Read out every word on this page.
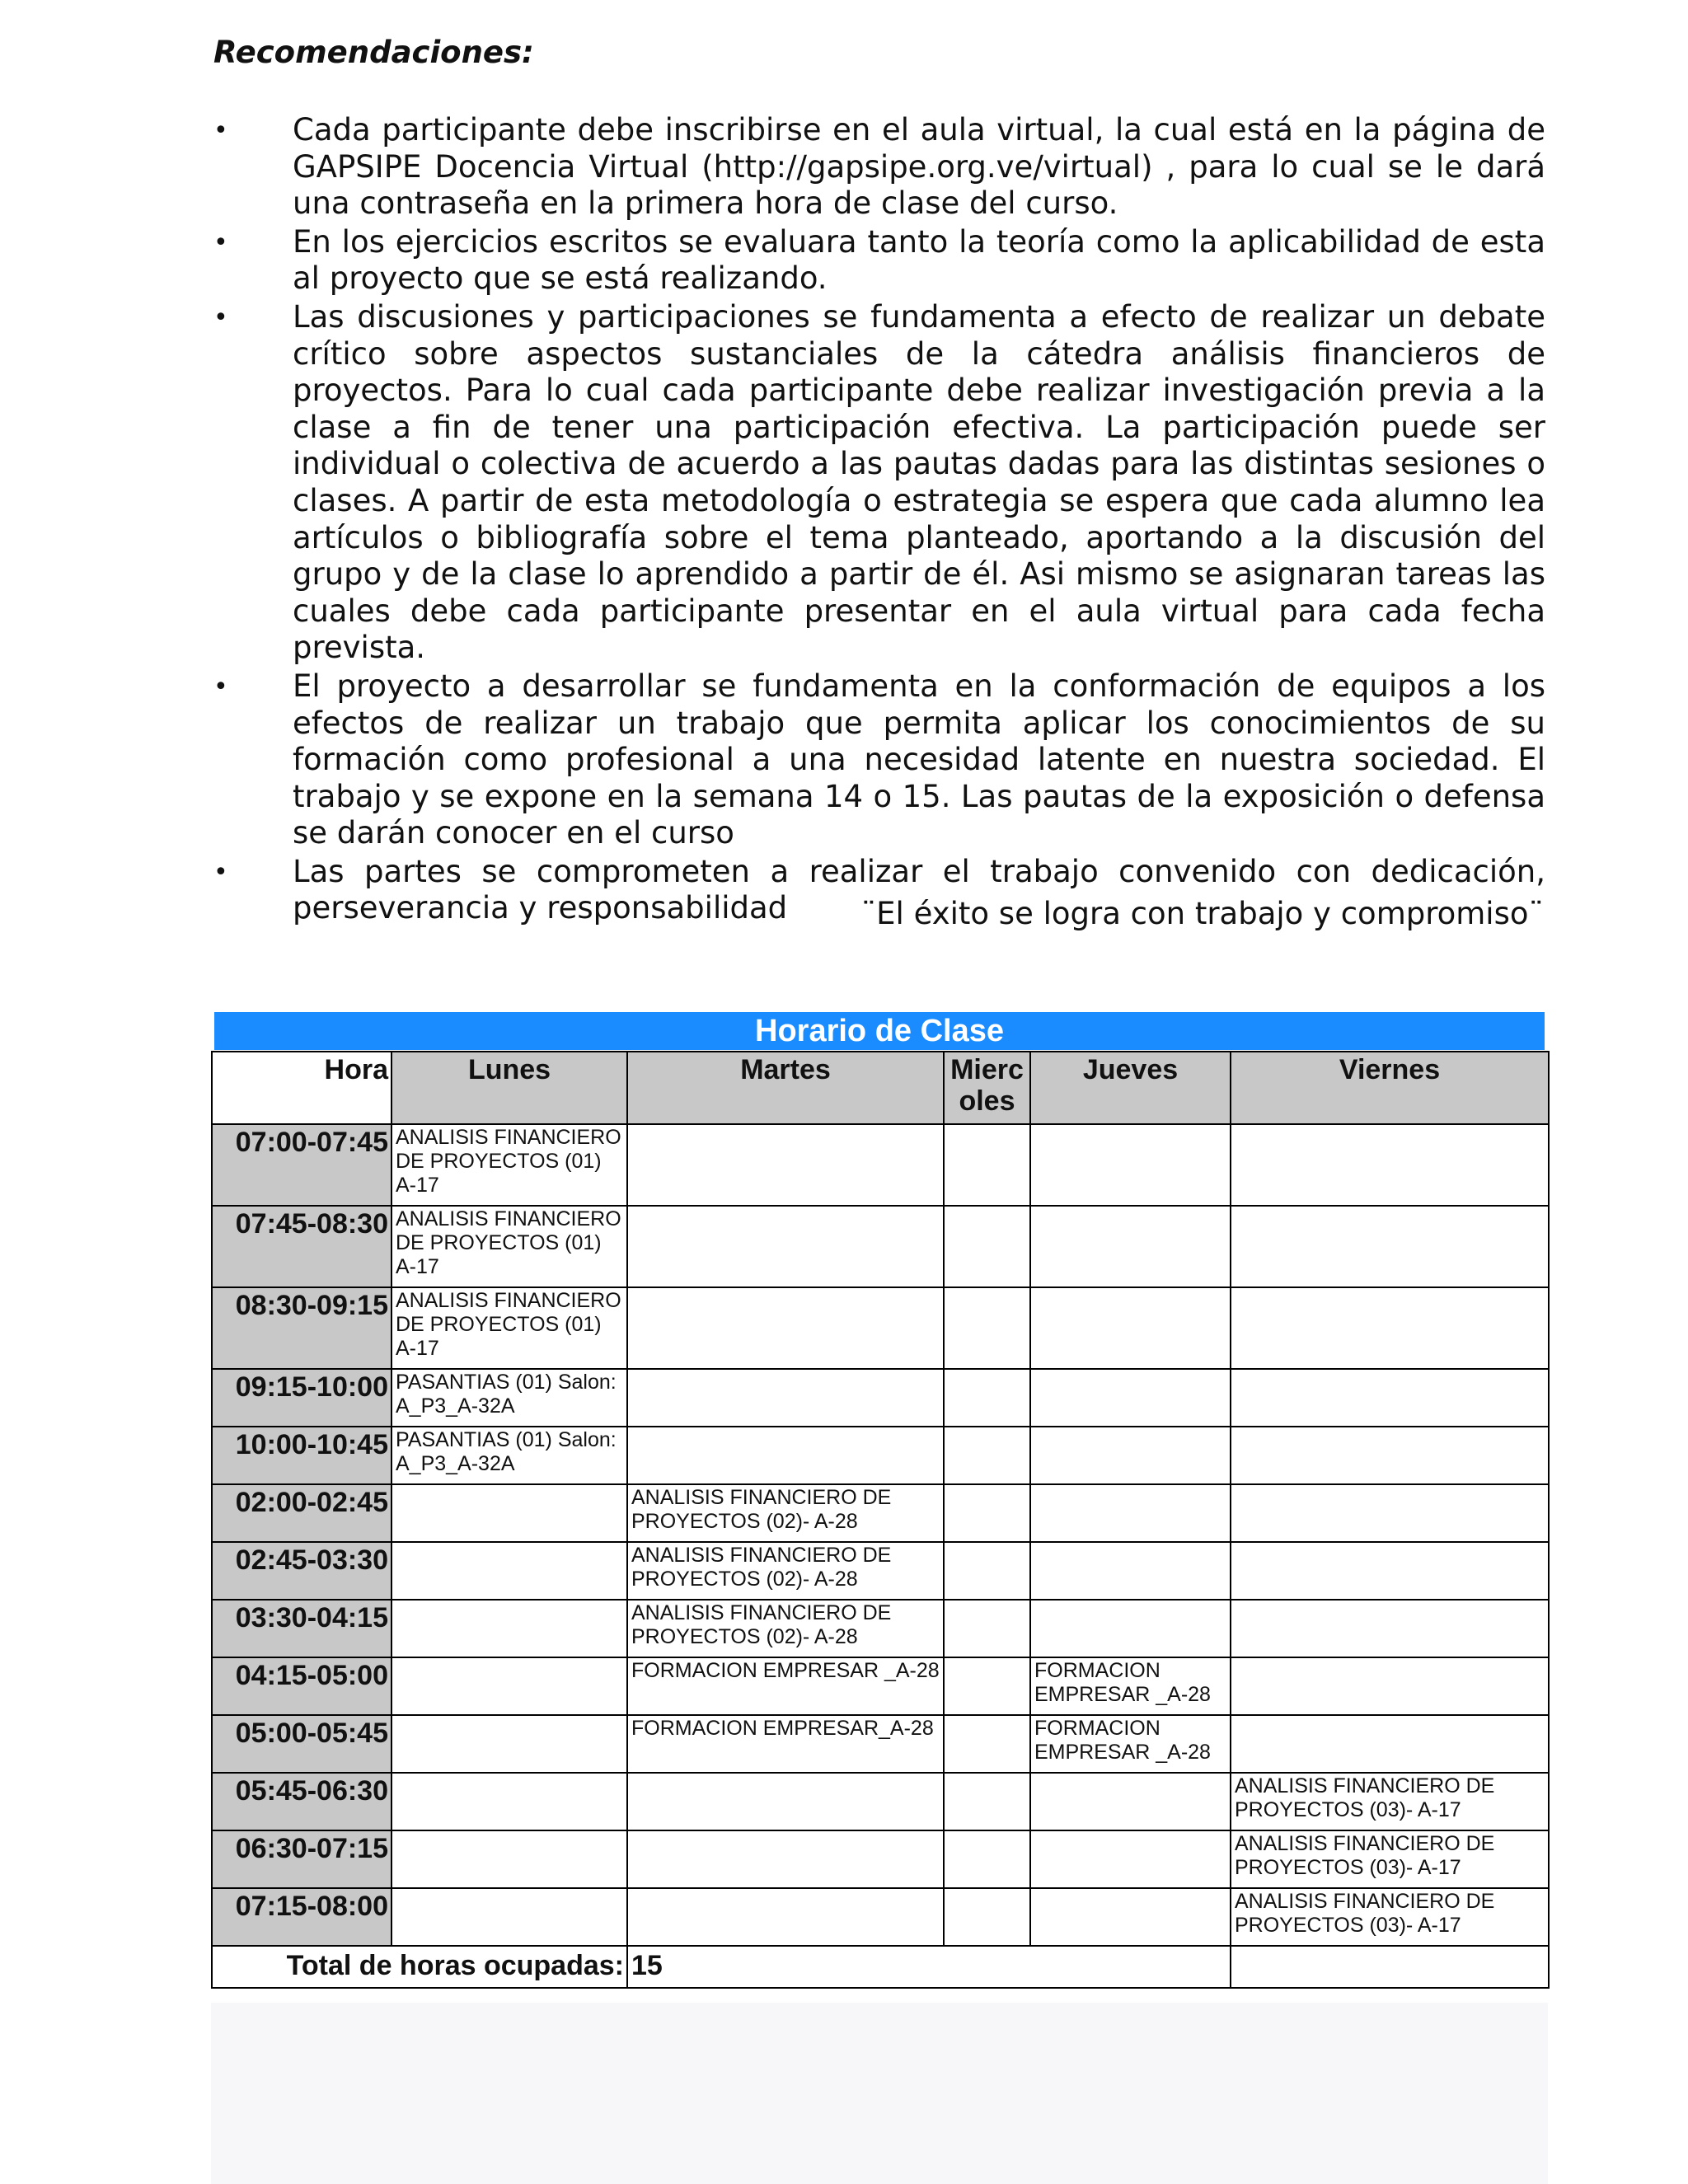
Recomendaciones:
• Cada participante debe inscribirse en el aula virtual, la cual está en la página de GAPSIPE Docencia Virtual (http://gapsipe.org.ve/virtual) , para lo cual se le dará una contraseña en la primera hora de clase del curso.
• En los ejercicios escritos se evaluara tanto la teoría como la aplicabilidad de esta al proyecto que se está realizando.
• Las discusiones y participaciones se fundamenta a efecto de realizar un debate crítico sobre aspectos sustanciales de la cátedra análisis financieros de proyectos. Para lo cual cada participante debe realizar investigación previa a la clase a fin de tener una participación efectiva. La participación puede ser individual o colectiva de acuerdo a las pautas dadas para las distintas sesiones o clases. A partir de esta metodología o estrategia se espera que cada alumno lea artículos o bibliografía sobre el tema planteado, aportando a la discusión del grupo y de la clase lo aprendido a partir de él. Asi mismo se asignaran tareas las cuales debe cada participante presentar en el aula virtual para cada fecha prevista.
• El proyecto a desarrollar se fundamenta en la conformación de equipos a los efectos de realizar un trabajo que permita aplicar los conocimientos de su formación como profesional a una necesidad latente en nuestra sociedad. El trabajo y se expone en la semana 14 o 15. Las pautas de la exposición o defensa se darán conocer en el curso
• Las partes se comprometen a realizar el trabajo convenido con dedicación, perseverancia y responsabilidad	¨El éxito se logra con trabajo y compromiso¨
Horario de Clase
Hora	Lunes	Martes	Mierc oles	Jueves	Viernes
07:00-07:45	ANALISIS FINANCIERO DE PROYECTOS (01) A-17				
07:45-08:30	ANALISIS FINANCIERO DE PROYECTOS (01) A-17				
08:30-09:15	ANALISIS FINANCIERO DE PROYECTOS (01) A-17				
09:15-10:00	PASANTIAS (01) Salon: A_P3_A-32A				
10:00-10:45	PASANTIAS (01) Salon: A_P3_A-32A				
02:00-02:45		ANALISIS FINANCIERO DE PROYECTOS (02)- A-28			
02:45-03:30		ANALISIS FINANCIERO DE PROYECTOS (02)- A-28			
03:30-04:15		ANALISIS FINANCIERO DE PROYECTOS (02)- A-28			
04:15-05:00		FORMACION EMPRESAR _A-28		FORMACION EMPRESAR _A-28	
05:00-05:45		FORMACION EMPRESAR_A-28		FORMACION EMPRESAR _A-28	
05:45-06:30					ANALISIS FINANCIERO DE PROYECTOS (03)- A-17
06:30-07:15					ANALISIS FINANCIERO DE PROYECTOS (03)- A-17
07:15-08:00					ANALISIS FINANCIERO DE PROYECTOS (03)- A-17
Total de horas ocupadas:		15			
